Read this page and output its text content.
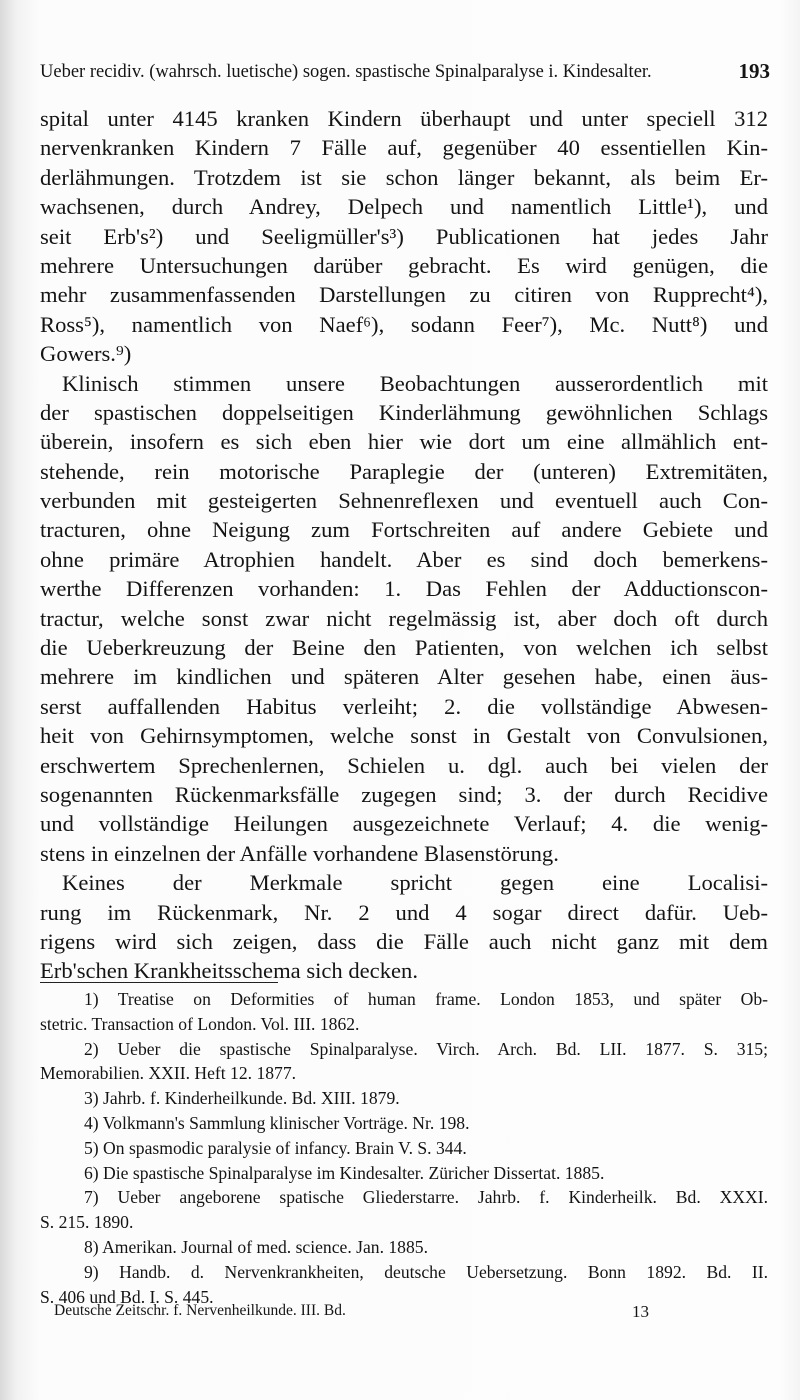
Ueber recidiv. (wahrsch. luetische) sogen. spastische Spinalparalyse i. Kindesalter.	193
spital unter 4145 kranken Kindern überhaupt und unter speciell 312
nervenkranken Kindern 7 Fälle auf, gegenüber 40 essentiellen Kin-
derlähmungen. Trotzdem ist sie schon länger bekannt, als beim Er-
wachsenen, durch Andrey, Delpech und namentlich Little¹), und
seit Erb's²) und Seeligmüller's³) Publicationen hat jedes Jahr
mehrere Untersuchungen darüber gebracht. Es wird genügen, die
mehr zusammenfassenden Darstellungen zu citiren von Rupprecht⁴),
Ross⁵), namentlich von Naef⁶), sodann Feer⁷), Mc. Nutt⁸) und
Gowers.⁹)
Klinisch stimmen unsere Beobachtungen ausserordentlich mit
der spastischen doppelseitigen Kinderlähmung gewöhnlichen Schlags
überein, insofern es sich eben hier wie dort um eine allmählich ent-
stehende, rein motorische Paraplegie der (unteren) Extremitäten,
verbunden mit gesteigerten Sehnenreflexen und eventuell auch Con-
tracturen, ohne Neigung zum Fortschreiten auf andere Gebiete und
ohne primäre Atrophien handelt. Aber es sind doch bemerkens-
werthe Differenzen vorhanden: 1. Das Fehlen der Adductionscon-
tractur, welche sonst zwar nicht regelmässig ist, aber doch oft durch
die Ueberkreuzung der Beine den Patienten, von welchen ich selbst
mehrere im kindlichen und späteren Alter gesehen habe, einen äus-
serst auffallenden Habitus verleiht; 2. die vollständige Abwesen-
heit von Gehirnsymptomen, welche sonst in Gestalt von Convulsionen,
erschwertem Sprechenlernen, Schielen u. dgl. auch bei vielen der
sogenannten Rückenmarksfälle zugegen sind; 3. der durch Recidive
und vollständige Heilungen ausgezeichnete Verlauf; 4. die wenig-
stens in einzelnen der Anfälle vorhandene Blasenstörung.
Keines der Merkmale spricht gegen eine Localisi-
rung im Rückenmark, Nr. 2 und 4 sogar direct dafür. Ueb-
rigens wird sich zeigen, dass die Fälle auch nicht ganz mit dem
Erb'schen Krankheitsschema sich decken.
1) Treatise on Deformities of human frame. London 1853, und später Ob-
stetric. Transaction of London. Vol. III. 1862.
2) Ueber die spastische Spinalparalyse. Virch. Arch. Bd. LII. 1877. S. 315;
Memorabilien. XXII. Heft 12. 1877.
3) Jahrb. f. Kinderheilkunde. Bd. XIII. 1879.
4) Volkmann's Sammlung klinischer Vorträge. Nr. 198.
5) On spasmodic paralysie of infancy. Brain V. S. 344.
6) Die spastische Spinalparalyse im Kindesalter. Züricher Dissertat. 1885.
7) Ueber angeborene spatische Gliederstarre. Jahrb. f. Kinderheilk. Bd. XXXI.
S. 215. 1890.
8) Amerikan. Journal of med. science. Jan. 1885.
9) Handb. d. Nervenkrankheiten, deutsche Uebersetzung. Bonn 1892. Bd. II.
S. 406 und Bd. I. S. 445.
Deutsche Zeitschr. f. Nervenheilkunde. III. Bd.	13
